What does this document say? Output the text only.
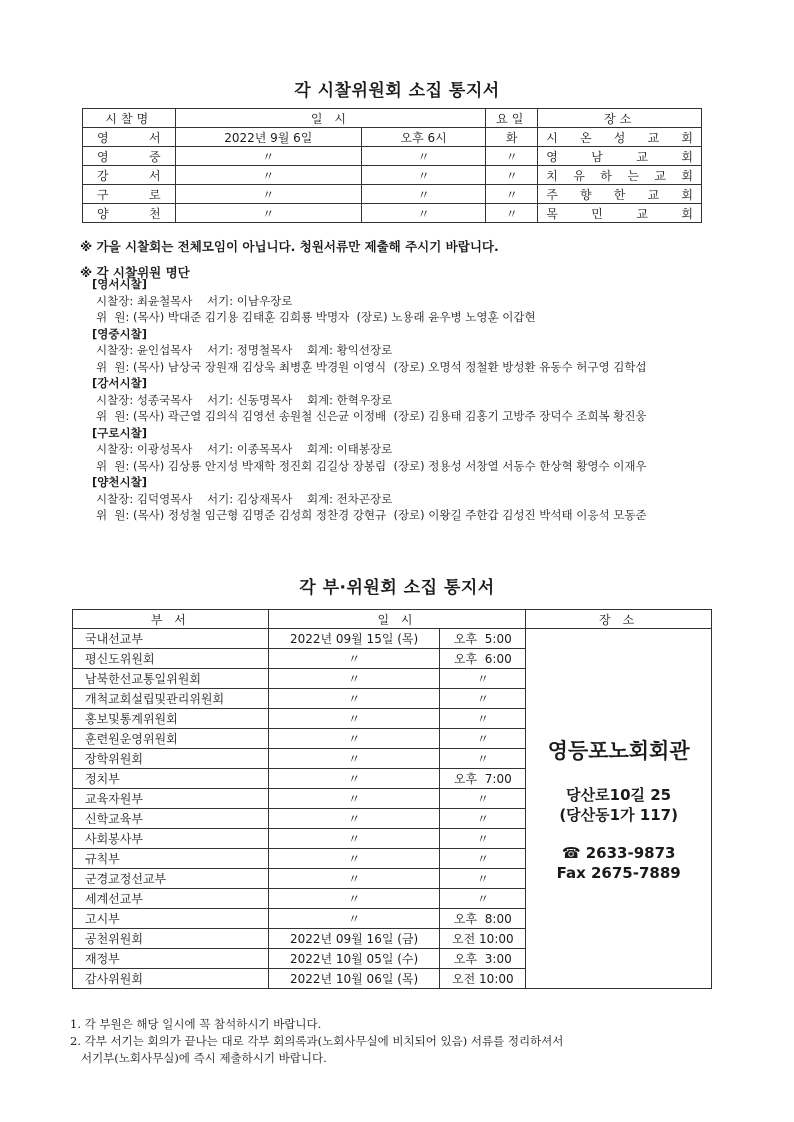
각 시찰위원회 소집 통지서
시찰명	일 시		요일	장소
영 서	2022년 9월 6일	오후 6시	화	시 온 성 교 회
영 중	〃	〃	〃	영 남 교 회
강 서	〃	〃	〃	치 유 하 는 교 회
구 로	〃	〃	〃	주 향 한 교 회
양 천	〃	〃	〃	목 민 교 회
※ 가을 시찰회는 전체모임이 아닙니다. 청원서류만 제출해 주시기 바랍니다.
※ 각 시찰위원 명단
[영서시찰]
시찰장: 최윤철목사    서기: 이남우장로
위  원: (목사) 박대준 김기용 김태훈 김희룡 박명자  (장로) 노용래 윤우병 노영훈 이갑현
[영중시찰]
시찰장: 윤인섭목사    서기: 정명철목사    회계: 황익선장로
위  원: (목사) 남상국 장원재 김상욱 최병훈 박경원 이영식  (장로) 오명석 정철환 방성환 유동수 허구영 김학섭
[강서시찰]
시찰장: 성종국목사    서기: 신동명목사    회계: 한혁우장로
위  원: (목사) 곽근열 김의식 김영선 송원철 신은균 이정배  (장로) 김용태 김홍기 고방주 장덕수 조희복 황진웅
[구로시찰]
시찰장: 이광성목사    서기: 이종목목사    회계: 이태봉장로
위  원: (목사) 김상룡 안지성 박재학 정진회 김길상 장봉림  (장로) 정용성 서창열 서동수 한상혁 황영수 이재우
[양천시찰]
시찰장: 김덕영목사    서기: 김상재목사    회계: 전차곤장로
위  원: (목사) 정성철 임근형 김명준 김성희 정찬경 강현규  (장로) 이왕길 주한갑 김성진 박석태 이응석 모동준
각 부·위원회 소집 통지서
부 서	일 시		장 소
국내선교부	2022년 09월 15일 (목)	오후  5:00	영등포노회회관
당산로10길 25
(당산동1가 117)
☎ 2633-9873
Fax 2675-7889

평신도위원회	〃	오후  6:00	
남북한선교통일위원회	〃	〃	
개척교회설립및관리위원회	〃	〃	
홍보및통계위원회	〃	〃	
훈련원운영위원회	〃	〃	
장학위원회	〃	〃	
정치부	〃	오후  7:00	
교육자원부	〃	〃	
신학교육부	〃	〃	
사회봉사부	〃	〃	
규칙부	〃	〃	
군경교정선교부	〃	〃	
세계선교부	〃	〃	
고시부	〃	오후  8:00	
공천위원회	2022년 09월 16일 (금)	오전 10:00	
재정부	2022년 10월 05일 (수)	오후  3:00	
감사위원회	2022년 10월 06일 (목)	오전 10:00	
1. 각 부원은 해당 일시에 꼭 참석하시기 바랍니다.
2. 각부 서기는 회의가 끝나는 대로 각부 회의록과(노회사무실에 비치되어 있음) 서류를 정리하셔서
서기부(노회사무실)에 즉시 제출하시기 바랍니다.
